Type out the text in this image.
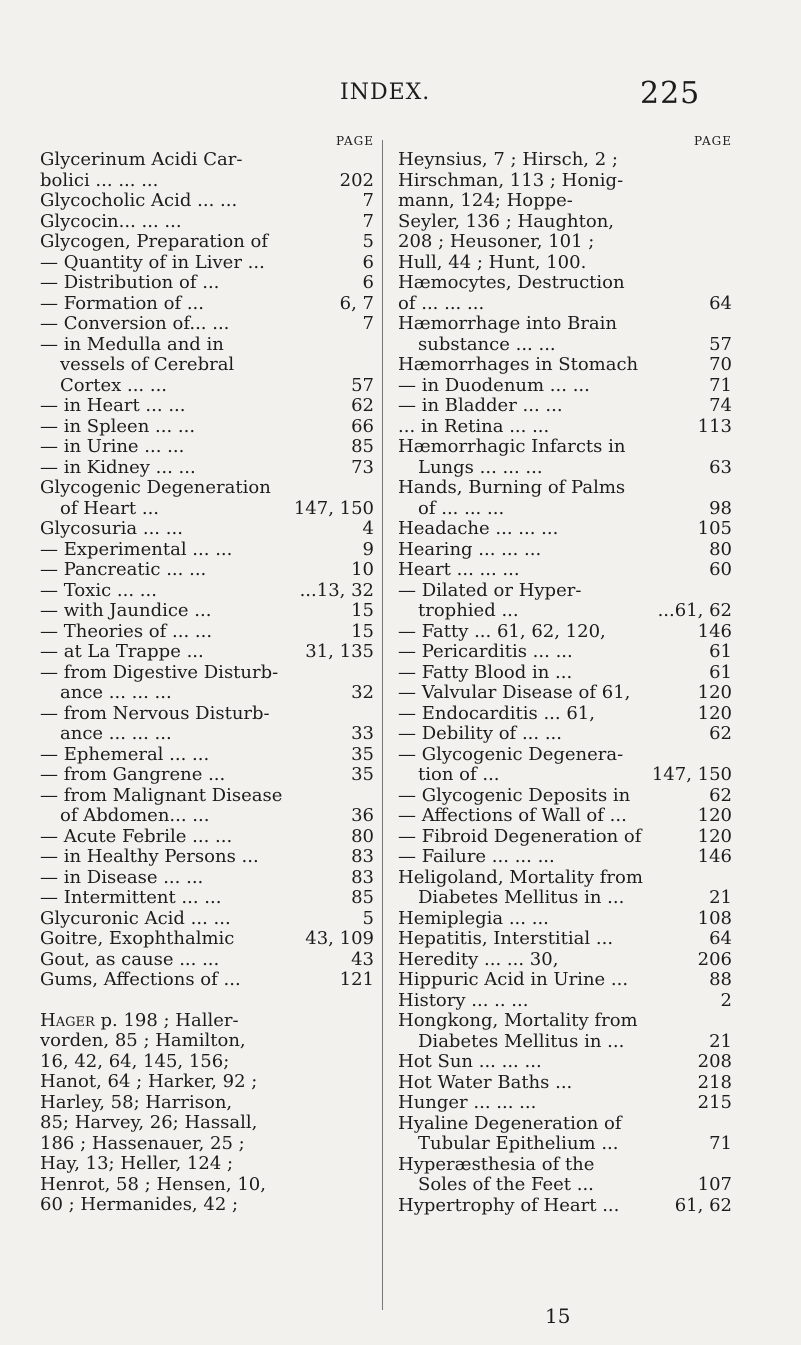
INDEX.	225
PAGE
Glycerinum Acidi Car-
bolici ... ... ...	202
Glycocholic Acid ... ...	7
Glycocin... ... ...	7
Glycogen, Preparation of	5
— Quantity of in Liver ...	6
— Distribution of ...	6
— Formation of ...	6, 7
— Conversion of... ...	7
— in Medulla and in
vessels of Cerebral
Cortex ... ...	57
— in Heart ... ...	62
— in Spleen ... ...	66
— in Urine ... ...	85
— in Kidney ... ...	73
Glycogenic Degeneration
of Heart ...	147, 150
Glycosuria ... ...	4
— Experimental ... ...	9
— Pancreatic ... ...	10
— Toxic ... ...	...13, 32
— with Jaundice ...	15
— Theories of ... ...	15
— at La Trappe ...	31, 135
— from Digestive Disturb-
ance ... ... ...	32
— from Nervous Disturb-
ance ... ... ...	33
— Ephemeral ... ...	35
— from Gangrene ...	35
— from Malignant Disease
of Abdomen... ...	36
— Acute Febrile ... ...	80
— in Healthy Persons ...	83
— in Disease ... ...	83
— Intermittent ... ...	85
Glycuronic Acid ... ...	5
Goitre, Exophthalmic	43, 109
Gout, as cause ... ...	43
Gums, Affections of ...	121
Hager p. 198 ; Haller-
vorden, 85 ; Hamilton,
16, 42, 64, 145, 156;
Hanot, 64 ; Harker, 92 ;
Harley, 58; Harrison,
85; Harvey, 26; Hassall,
186 ; Hassenauer, 25 ;
Hay, 13; Heller, 124 ;
Henrot, 58 ; Hensen, 10,
60 ; Hermanides, 42 ;
PAGE
Heynsius, 7 ; Hirsch, 2 ;
Hirschman, 113 ; Honig-
mann, 124; Hoppe-
Seyler, 136 ; Haughton,
208 ; Heusoner, 101 ;
Hull, 44 ; Hunt, 100.
Hæmocytes, Destruction
of ... ... ...	64
Hæmorrhage into Brain
substance ... ...	57
Hæmorrhages in Stomach	70
— in Duodenum ... ...	71
— in Bladder ... ...	74
... in Retina ... ...	113
Hæmorrhagic Infarcts in
Lungs ... ... ...	63
Hands, Burning of Palms
of ... ... ...	98
Headache ... ... ...	105
Hearing ... ... ...	80
Heart ... ... ...	60
— Dilated or Hyper-
trophied ...	...61, 62
— Fatty ... 61, 62, 120,	146
— Pericarditis ... ...	61
— Fatty Blood in ...	61
— Valvular Disease of 61,	120
— Endocarditis ... 61,	120
— Debility of ... ...	62
— Glycogenic Degenera-
tion of ...	147, 150
— Glycogenic Deposits in	62
— Affections of Wall of ...	120
— Fibroid Degeneration of	120
— Failure ... ... ...	146
Heligoland, Mortality from
Diabetes Mellitus in ...	21
Hemiplegia ... ...	108
Hepatitis, Interstitial ...	64
Heredity ... ... 30,	206
Hippuric Acid in Urine ...	88
History ... .. ...	2
Hongkong, Mortality from
Diabetes Mellitus in ...	21
Hot Sun ... ... ...	208
Hot Water Baths ...	218
Hunger ... ... ...	215
Hyaline Degeneration of
Tubular Epithelium ...	71
Hyperæsthesia of the
Soles of the Feet ...	107
Hypertrophy of Heart ...	61, 62
15
